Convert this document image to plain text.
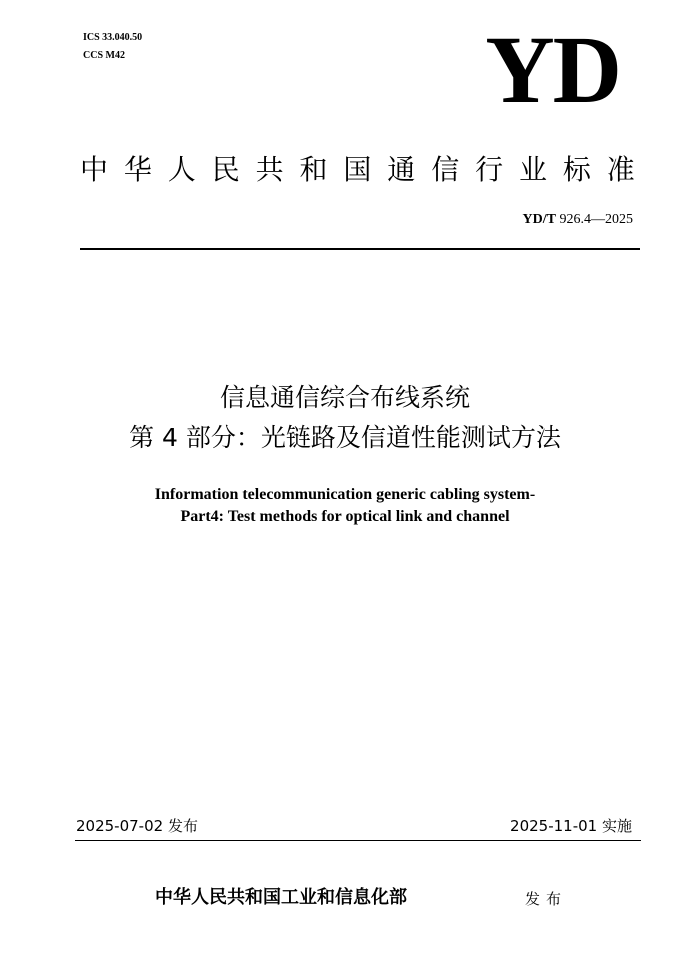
ICS 33.040.50
CCS M42	YD
中华人民共和国通信行业标准
YD/T 926.4—2025
信息通信综合布线系统
第 4 部分：光链路及信道性能测试方法
Information telecommunication generic cabling system-
Part4: Test methods for optical link and channel
2025-07-02 发布	2025-11-01 实施
中华人民共和国工业和信息化部	发布
